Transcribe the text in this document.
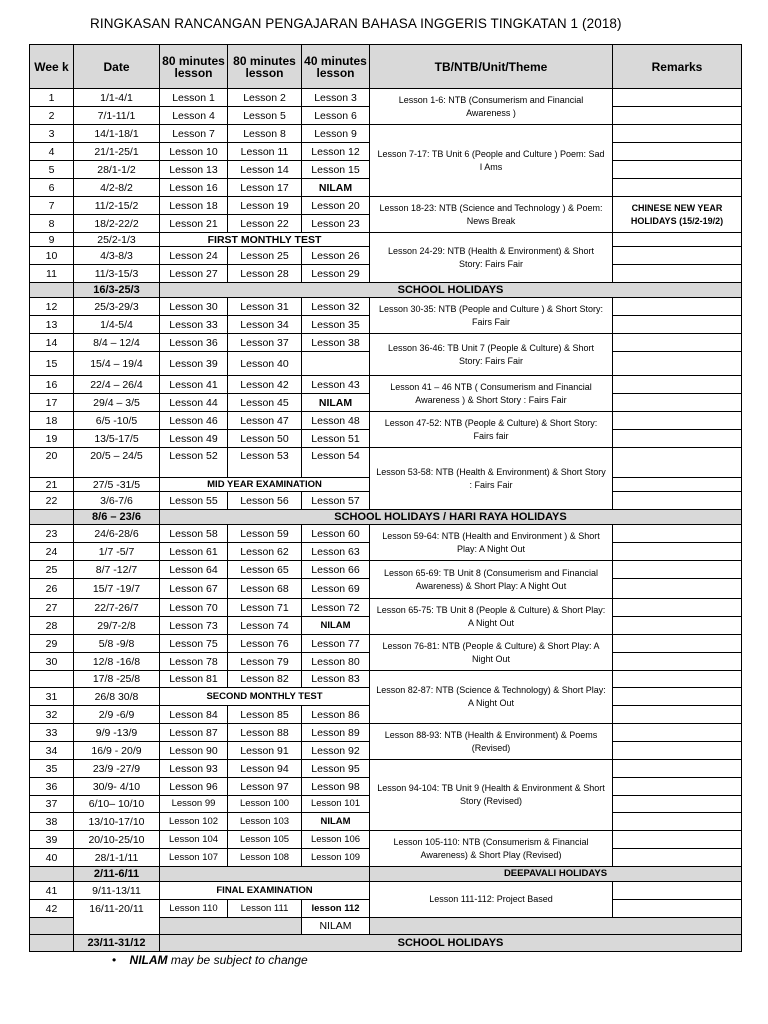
RINGKASAN RANCANGAN PENGAJARAN BAHASA INGGERIS TINGKATAN 1 (2018)
Wee k	Date	80 minutes lesson	80 minutes lesson	40 minutes lesson	TB/NTB/Unit/Theme	Remarks
1	1/1-4/1	Lesson 1	Lesson 2	Lesson 3	Lesson 1-6: NTB (Consumerism and Financial Awareness )	
2	7/1-11/1	Lesson 4	Lesson 5	Lesson 6		
3	14/1-18/1	Lesson 7	Lesson 8	Lesson 9	Lesson 7-17: TB Unit 6 (People and Culture ) Poem: Sad I Ams	
4	21/1-25/1	Lesson 10	Lesson 11	Lesson 12		
5	28/1-1/2	Lesson 13	Lesson 14	Lesson 15		
6	4/2-8/2	Lesson 16	Lesson 17	NILAM		
7	11/2-15/2	Lesson 18	Lesson 19	Lesson 20	Lesson 18-23: NTB (Science and Technology ) & Poem: News Break	CHINESE NEW YEAR HOLIDAYS (15/2-19/2)
8	18/2-22/2	Lesson 21	Lesson 22	Lesson 23		
9	25/2-1/3	FIRST MONTHLY TEST			Lesson 24-29: NTB (Health & Environment) & Short Story: Fairs Fair	
10	4/3-8/3	Lesson 24	Lesson 25	Lesson 26		
11	11/3-15/3	Lesson 27	Lesson 28	Lesson 29		
	16/3-25/3	SCHOOL HOLIDAYS				
12	25/3-29/3	Lesson 30	Lesson 31	Lesson 32	Lesson 30-35: NTB (People and Culture ) & Short Story: Fairs Fair	
13	1/4-5/4	Lesson 33	Lesson 34	Lesson 35		
14	8/4 – 12/4	Lesson 36	Lesson 37	Lesson 38	Lesson 36-46: TB Unit 7 (People & Culture) & Short Story: Fairs Fair	
15	15/4 – 19/4	Lesson 39	Lesson 40			
16	22/4 – 26/4	Lesson 41	Lesson 42	Lesson 43	Lesson 41 – 46 NTB ( Consumerism and Financial Awareness ) & Short Story : Fairs Fair	
17	29/4 – 3/5	Lesson 44	Lesson 45	NILAM		
18	6/5 -10/5	Lesson 46	Lesson 47	Lesson 48	Lesson 47-52: NTB (People & Culture) & Short Story: Fairs fair	
19	13/5-17/5	Lesson 49	Lesson 50	Lesson 51		
20	20/5 – 24/5	Lesson 52	Lesson 53	Lesson 54	Lesson 53-58: NTB (Health & Environment) & Short Story : Fairs Fair	
21	27/5 -31/5	MID YEAR EXAMINATION				
22	3/6-7/6	Lesson 55	Lesson 56	Lesson 57		
	8/6 – 23/6	SCHOOL HOLIDAYS / HARI RAYA HOLIDAYS				
23	24/6-28/6	Lesson 58	Lesson 59	Lesson 60	Lesson 59-64: NTB (Health and Environment ) & Short Play: A Night Out	
24	1/7 -5/7	Lesson 61	Lesson 62	Lesson 63		
25	8/7 -12/7	Lesson 64	Lesson 65	Lesson 66	Lesson 65-69: TB Unit 8 (Consumerism and Financial Awareness) & Short Play: A Night Out	
26	15/7 -19/7	Lesson 67	Lesson 68	Lesson 69		
27	22/7-26/7	Lesson 70	Lesson 71	Lesson 72	Lesson 65-75: TB Unit 8 (People & Culture) & Short Play: A Night Out	
28	29/7-2/8	Lesson 73	Lesson 74	NILAM		
29	5/8 -9/8	Lesson 75	Lesson 76	Lesson 77	Lesson 76-81: NTB (People & Culture) & Short Play: A Night Out	
30	12/8 -16/8	Lesson 78	Lesson 79	Lesson 80		
	17/8 -25/8	Lesson 81	Lesson 82	Lesson 83	Lesson 82-87: NTB (Science & Technology) & Short Play: A Night Out	
31	26/8 30/8	SECOND MONTHLY TEST				
32	2/9 -6/9	Lesson 84	Lesson 85	Lesson 86		
33	9/9 -13/9	Lesson 87	Lesson 88	Lesson 89	Lesson 88-93: NTB (Health & Environment) & Poems (Revised)	
34	16/9 - 20/9	Lesson 90	Lesson 91	Lesson 92		
35	23/9 -27/9	Lesson 93	Lesson 94	Lesson 95	Lesson 94-104: TB Unit 9 (Health & Environment & Short Story (Revised)	
36	30/9- 4/10	Lesson 96	Lesson 97	Lesson 98		
37	6/10– 10/10	Lesson 99	Lesson 100	Lesson 101		
38	13/10-17/10	Lesson 102	Lesson 103	NILAM		
39	20/10-25/10	Lesson 104	Lesson 105	Lesson 106	Lesson 105-110: NTB (Consumerism & Financial Awareness) & Short Play (Revised)	
40	28/1-1/11	Lesson 107	Lesson 108	Lesson 109		
	2/11-6/11				DEEPAVALI HOLIDAYS	
41	9/11-13/11	FINAL EXAMINATION			Lesson 111-112: Project Based	
42	16/11-20/11	Lesson 110	Lesson 111	lesson 112		
				NILAM		
	23/11-31/12	SCHOOL HOLIDAYS				
• NILAM may be subject to change
